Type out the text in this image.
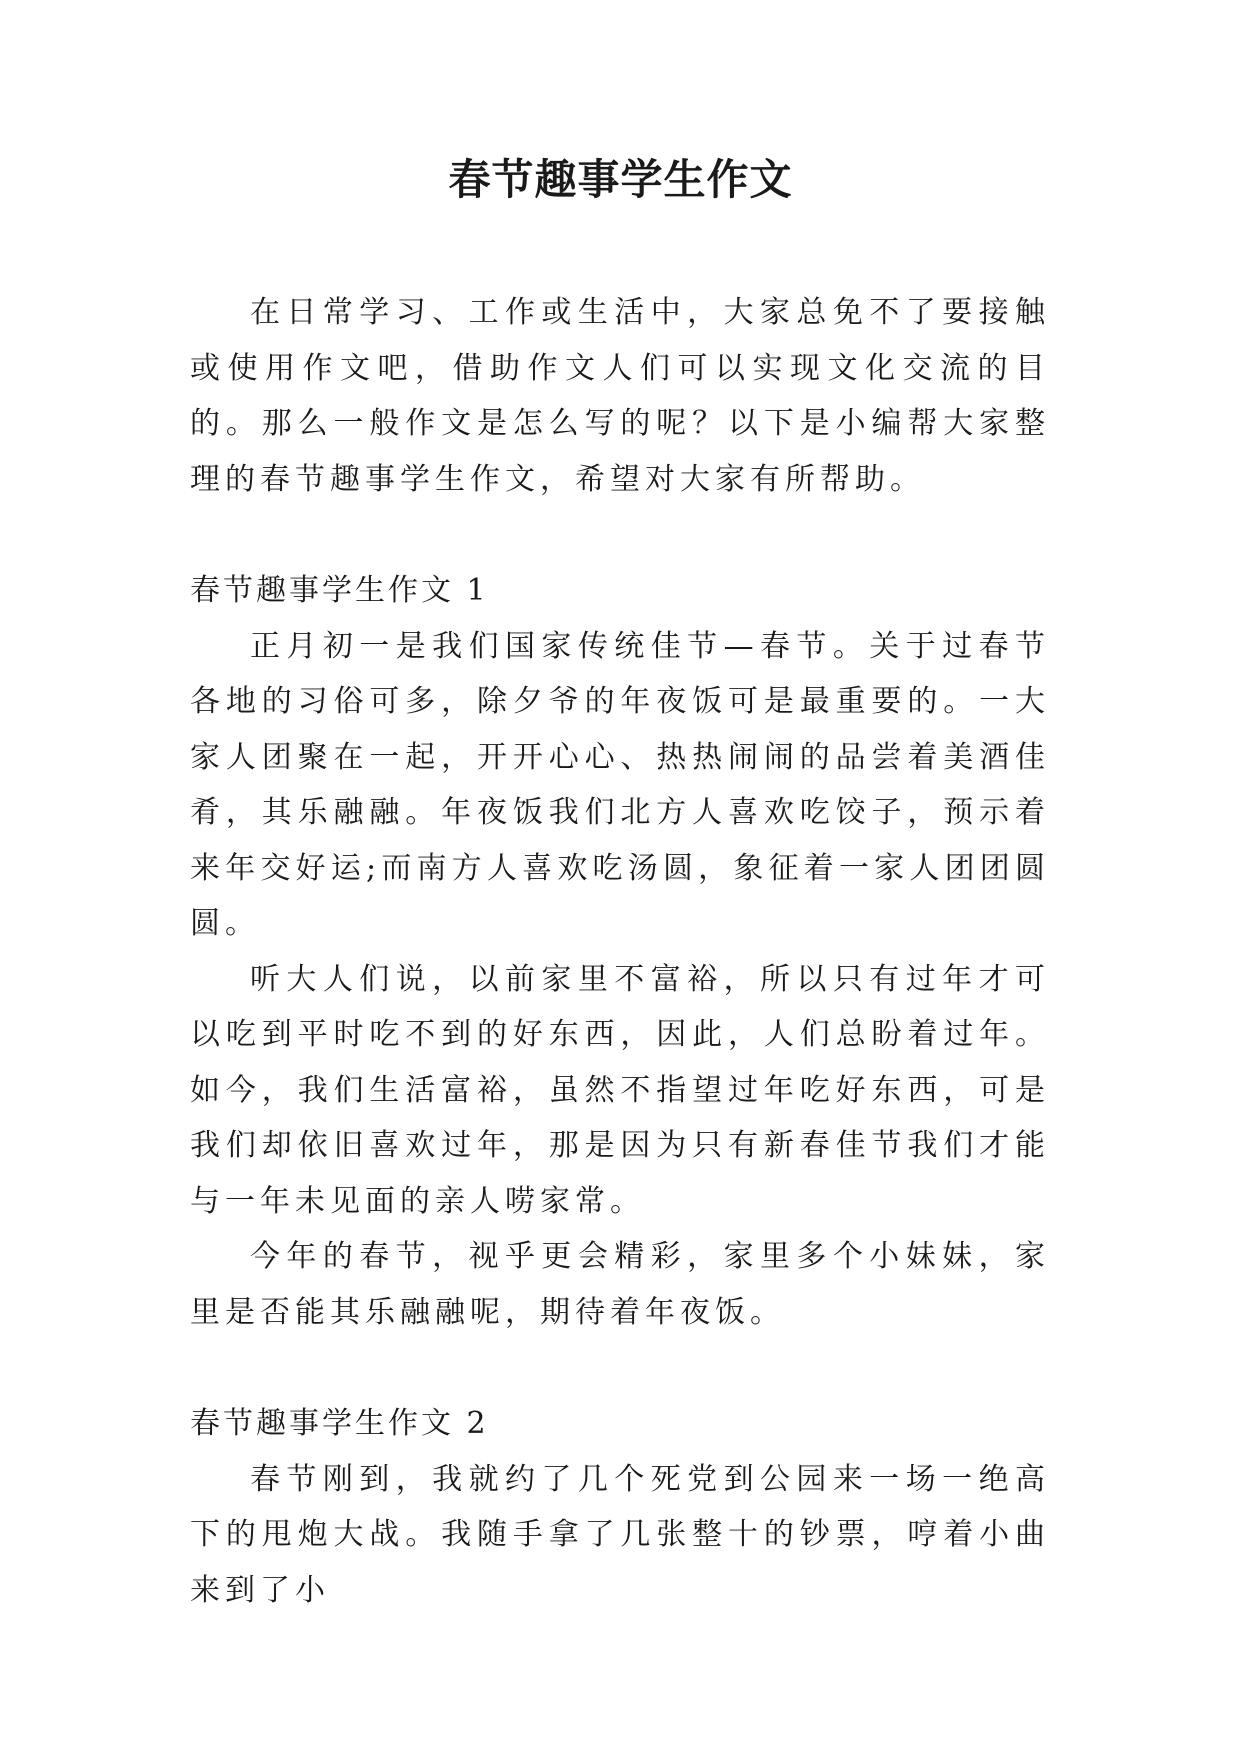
春节趣事学生作文

在日常学习、工作或生活中，大家总免不了要接触或使用作文吧，借助作文人们可以实现文化交流的目的。那么一般作文是怎么写的呢？以下是小编帮大家整理的春节趣事学生作文，希望对大家有所帮助。

春节趣事学生作文 1

正月初一是我们国家传统佳节—春节。关于过春节各地的习俗可多，除夕爷的年夜饭可是最重要的。一大家人团聚在一起，开开心心、热热闹闹的品尝着美酒佳肴，其乐融融。年夜饭我们北方人喜欢吃饺子，预示着来年交好运;而南方人喜欢吃汤圆，象征着一家人团团圆圆。

听大人们说，以前家里不富裕，所以只有过年才可以吃到平时吃不到的好东西，因此，人们总盼着过年。如今，我们生活富裕，虽然不指望过年吃好东西，可是我们却依旧喜欢过年，那是因为只有新春佳节我们才能与一年未见面的亲人唠家常。

今年的春节，视乎更会精彩，家里多个小妹妹，家里是否能其乐融融呢，期待着年夜饭。

春节趣事学生作文 2

春节刚到，我就约了几个死党到公园来一场一绝高下的甩炮大战。我随手拿了几张整十的钞票，哼着小曲来到了小
